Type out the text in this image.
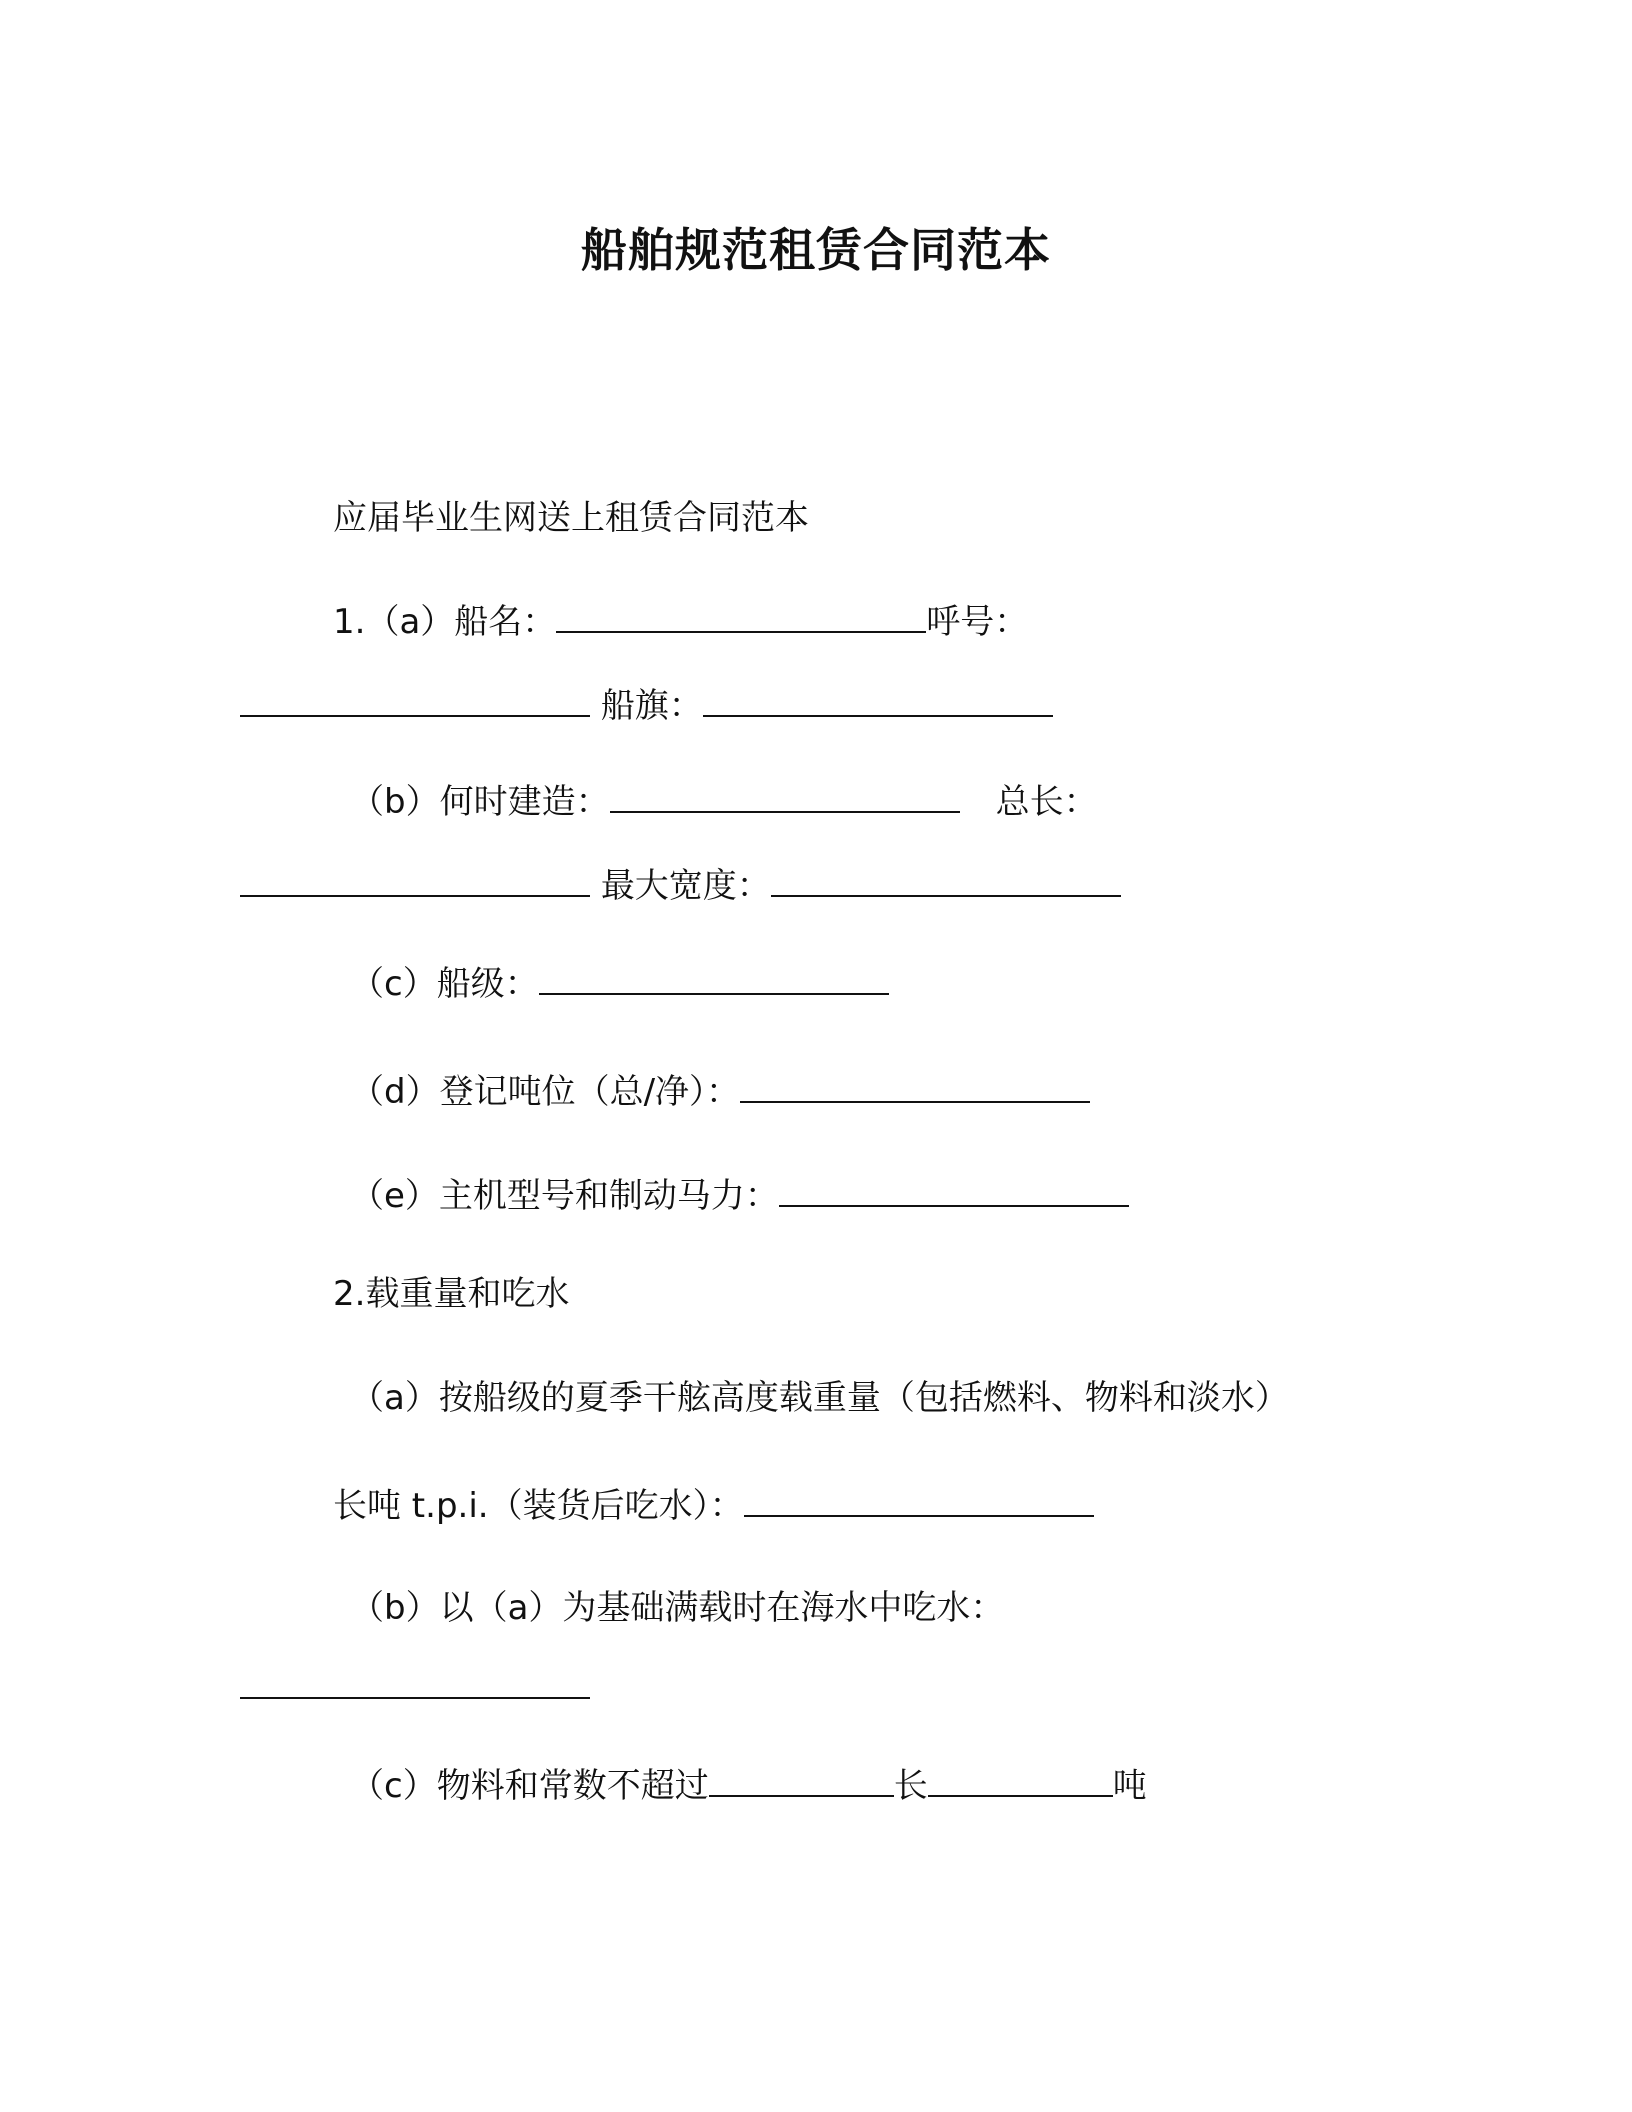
船舶规范租赁合同范本
应届毕业生网送上租赁合同范本
1.（a）船名：	呼号：
船旗：
（b）何时建造：	总长：
最大宽度：
（c）船级：
（d）登记吨位（总/净）：
（e）主机型号和制动马力：
2.载重量和吃水
（a）按船级的夏季干舷高度载重量（包括燃料、物料和淡水）
长吨 t.p.i.（装货后吃水）：
（b）以（a）为基础满载时在海水中吃水：
（c）物料和常数不超过	长	吨
